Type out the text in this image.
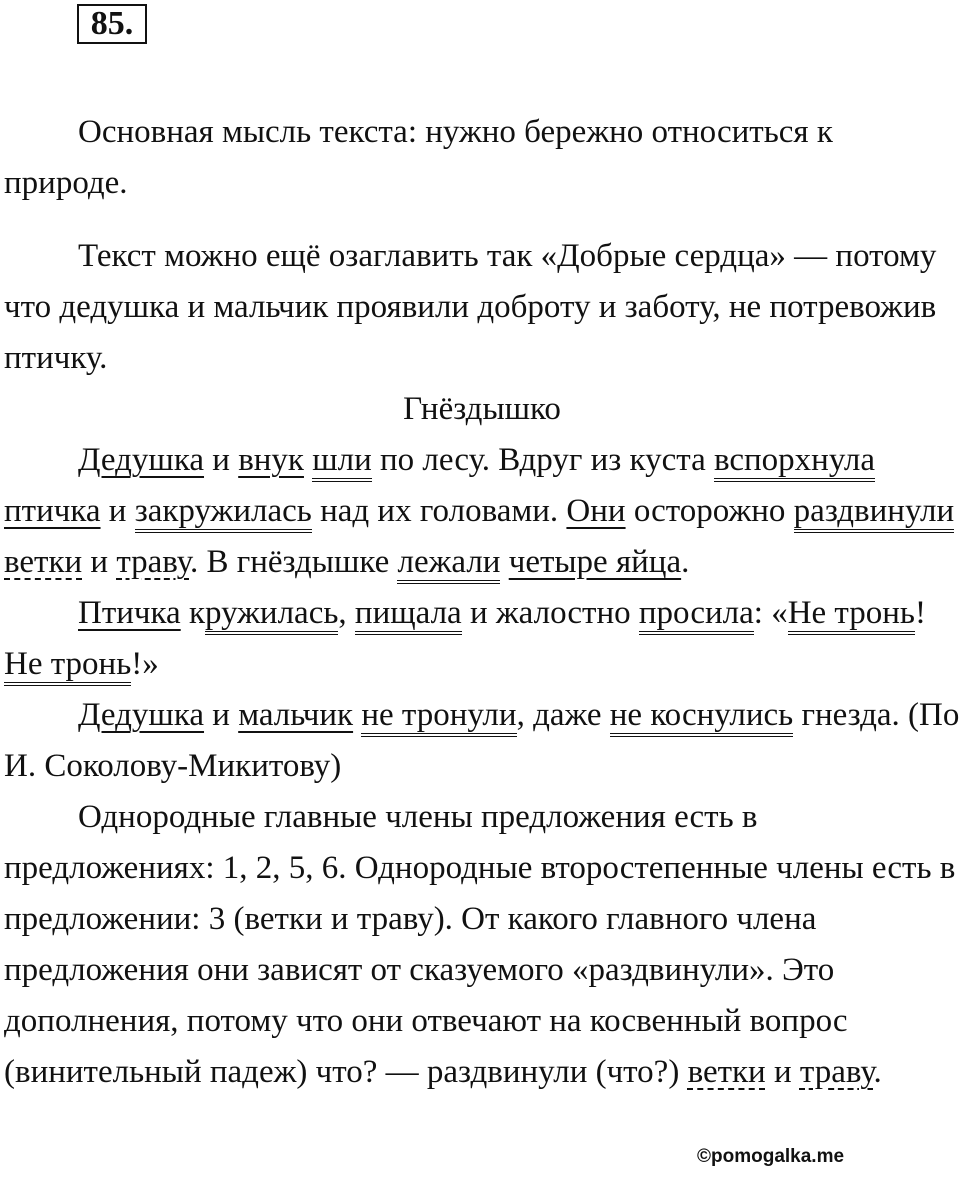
85.

Основная мысль текста: нужно бережно относиться к природе.

Текст можно ещё озаглавить так «Добрые сердца» — потому что дедушка и мальчик проявили доброту и заботу, не потревожив птичку.

Гнёздышко

Дедушка и внук шли по лесу. Вдруг из куста вспорхнула птичка и закружилась над их головами. Они осторожно раздвинули ветки и траву. В гнёздышке лежали четыре яйца.

Птичка кружилась, пищала и жалостно просила: «Не тронь! Не тронь!»

Дедушка и мальчик не тронули, даже не коснулись гнезда. (По И. Соколову-Микитову)

Однородные главные члены предложения есть в предложениях: 1, 2, 5, 6. Однородные второстепенные члены есть в предложении: 3 (ветки и траву). От какого главного члена предложения они зависят от сказуемого «раздвинули». Это дополнения, потому что они отвечают на косвенный вопрос (винительный падеж) что? — раздвинули (что?) ветки и траву.

©pomogalka.me
